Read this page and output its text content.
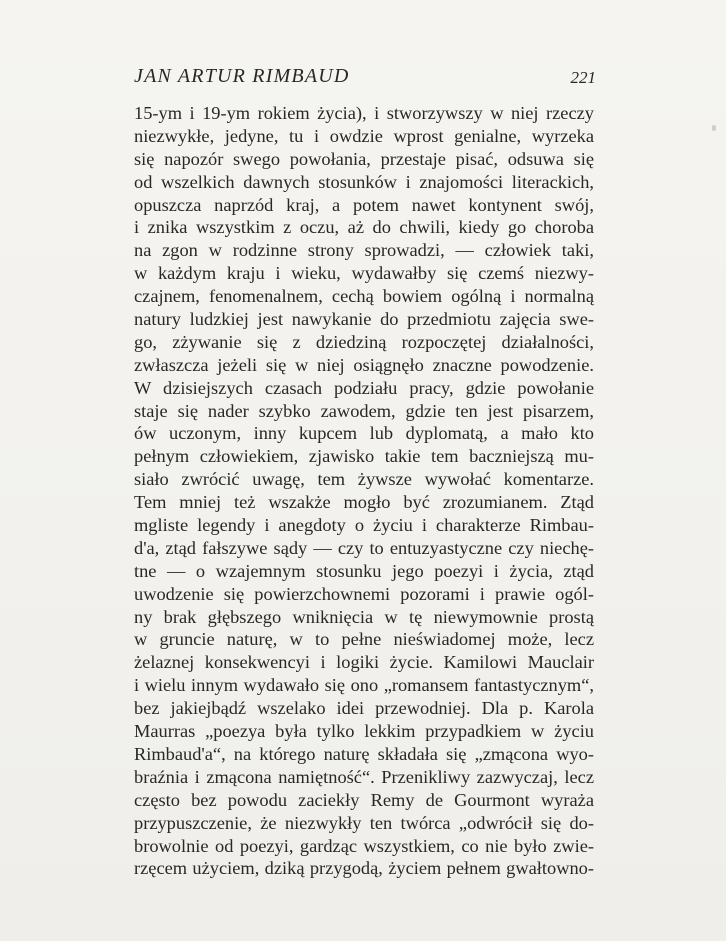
JAN ARTUR RIMBAUD	221
15-ym i 19-ym rokiem życia), i stworzywszy w niej rzeczy
niezwykłe, jedyne, tu i owdzie wprost genialne, wyrzeka
się napozór swego powołania, przestaje pisać, odsuwa się
od wszelkich dawnych stosunków i znajomości literackich,
opuszcza naprzód kraj, a potem nawet kontynent swój,
i znika wszystkim z oczu, aż do chwili, kiedy go choroba
na zgon w rodzinne strony sprowadzi, — człowiek taki,
w każdym kraju i wieku, wydawałby się czemś niezwy-
czajnem, fenomenalnem, cechą bowiem ogólną i normalną
natury ludzkiej jest nawykanie do przedmiotu zajęcia swe-
go, zżywanie się z dziedziną rozpoczętej działalności,
zwłaszcza jeżeli się w niej osiągnęło znaczne powodzenie.
W dzisiejszych czasach podziału pracy, gdzie powołanie
staje się nader szybko zawodem, gdzie ten jest pisarzem,
ów uczonym, inny kupcem lub dyplomatą, a mało kto
pełnym człowiekiem, zjawisko takie tem baczniejszą mu-
siało zwrócić uwagę, tem żywsze wywołać komentarze.
Tem mniej też wszakże mogło być zrozumianem. Ztąd
mgliste legendy i anegdoty o życiu i charakterze Rimbau-
d'a, ztąd fałszywe sądy — czy to entuzyastyczne czy niechę-
tne — o wzajemnym stosunku jego poezyi i życia, ztąd
uwodzenie się powierzchownemi pozorami i prawie ogól-
ny brak głębszego wniknięcia w tę niewymownie prostą
w gruncie naturę, w to pełne nieświadomej może, lecz
żelaznej konsekwencyi i logiki życie. Kamilowi Mauclair
i wielu innym wydawało się ono „romansem fantastycznym“,
bez jakiejbądź wszelako idei przewodniej. Dla p. Karola
Maurras „poezya była tylko lekkim przypadkiem w życiu
Rimbaud'a“, na którego naturę składała się „zmącona wyo-
braźnia i zmącona namiętność“. Przenikliwy zazwyczaj, lecz
często bez powodu zaciekły Remy de Gourmont wyraża
przypuszczenie, że niezwykły ten twórca „odwrócił się do-
browolnie od poezyi, gardząc wszystkiem, co nie było zwie-
rzęcem użyciem, dziką przygodą, życiem pełnem gwałtowno-
